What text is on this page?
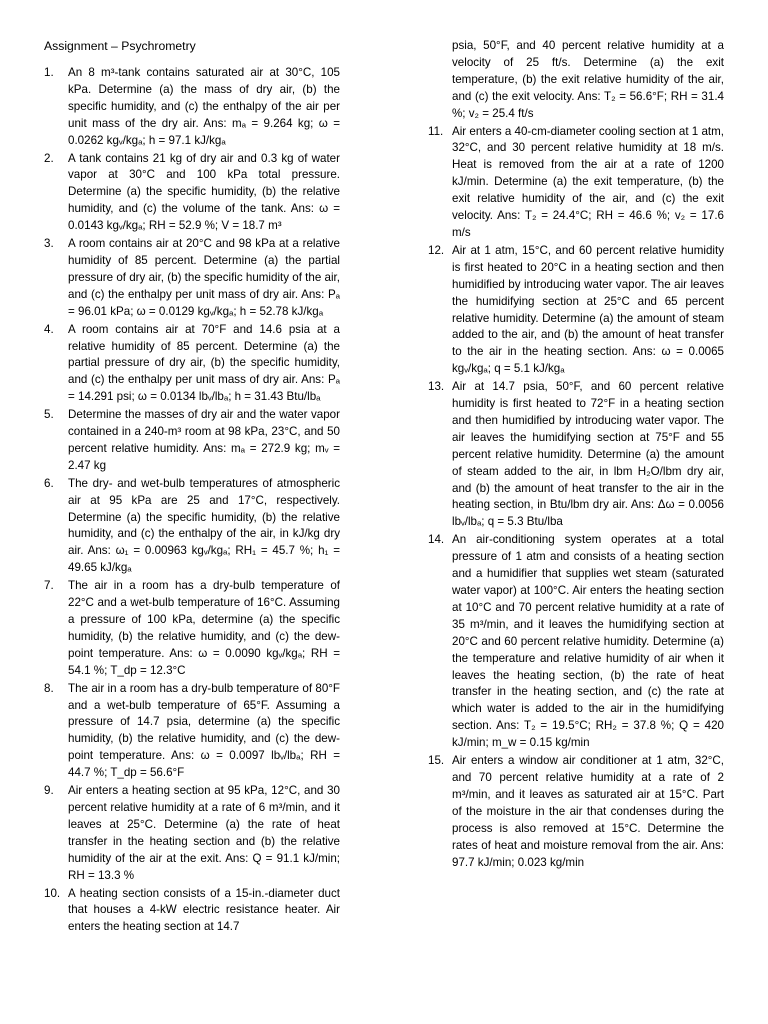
Assignment – Psychrometry
1. An 8 m³-tank contains saturated air at 30°C, 105 kPa. Determine (a) the mass of dry air, (b) the specific humidity, and (c) the enthalpy of the air per unit mass of the dry air. Ans: mₐ = 9.264 kg; ω = 0.0262 kgᵥ/kgₐ; h = 97.1 kJ/kgₐ
2. A tank contains 21 kg of dry air and 0.3 kg of water vapor at 30°C and 100 kPa total pressure. Determine (a) the specific humidity, (b) the relative humidity, and (c) the volume of the tank. Ans: ω = 0.0143 kgᵥ/kgₐ; RH = 52.9 %; V = 18.7 m³
3. A room contains air at 20°C and 98 kPa at a relative humidity of 85 percent. Determine (a) the partial pressure of dry air, (b) the specific humidity of the air, and (c) the enthalpy per unit mass of dry air. Ans: Pₐ = 96.01 kPa; ω = 0.0129 kgᵥ/kgₐ; h = 52.78 kJ/kgₐ
4. A room contains air at 70°F and 14.6 psia at a relative humidity of 85 percent. Determine (a) the partial pressure of dry air, (b) the specific humidity, and (c) the enthalpy per unit mass of dry air. Ans: Pₐ = 14.291 psi; ω = 0.0134 lbᵥ/lbₐ; h = 31.43 Btu/lbₐ
5. Determine the masses of dry air and the water vapor contained in a 240-m³ room at 98 kPa, 23°C, and 50 percent relative humidity. Ans: mₐ = 272.9 kg; mᵥ = 2.47 kg
6. The dry- and wet-bulb temperatures of atmospheric air at 95 kPa are 25 and 17°C, respectively. Determine (a) the specific humidity, (b) the relative humidity, and (c) the enthalpy of the air, in kJ/kg dry air. Ans: ω₁ = 0.00963 kgᵥ/kgₐ; RH₁ = 45.7 %; h₁ = 49.65 kJ/kgₐ
7. The air in a room has a dry-bulb temperature of 22°C and a wet-bulb temperature of 16°C. Assuming a pressure of 100 kPa, determine (a) the specific humidity, (b) the relative humidity, and (c) the dew-point temperature. Ans: ω = 0.0090 kgᵥ/kgₐ; RH = 54.1 %; T_dp = 12.3°C
8. The air in a room has a dry-bulb temperature of 80°F and a wet-bulb temperature of 65°F. Assuming a pressure of 14.7 psia, determine (a) the specific humidity, (b) the relative humidity, and (c) the dew-point temperature. Ans: ω = 0.0097 lbᵥ/lbₐ; RH = 44.7 %; T_dp = 56.6°F
9. Air enters a heating section at 95 kPa, 12°C, and 30 percent relative humidity at a rate of 6 m³/min, and it leaves at 25°C. Determine (a) the rate of heat transfer in the heating section and (b) the relative humidity of the air at the exit. Ans: Q = 91.1 kJ/min; RH = 13.3 %
10. A heating section consists of a 15-in.-diameter duct that houses a 4-kW electric resistance heater. Air enters the heating section at 14.7
psia, 50°F, and 40 percent relative humidity at a velocity of 25 ft/s. Determine (a) the exit temperature, (b) the exit relative humidity of the air, and (c) the exit velocity. Ans: T₂ = 56.6°F; RH = 31.4 %; v₂ = 25.4 ft/s
11. Air enters a 40-cm-diameter cooling section at 1 atm, 32°C, and 30 percent relative humidity at 18 m/s. Heat is removed from the air at a rate of 1200 kJ/min. Determine (a) the exit temperature, (b) the exit relative humidity of the air, and (c) the exit velocity. Ans: T₂ = 24.4°C; RH = 46.6 %; v₂ = 17.6 m/s
12. Air at 1 atm, 15°C, and 60 percent relative humidity is first heated to 20°C in a heating section and then humidified by introducing water vapor. The air leaves the humidifying section at 25°C and 65 percent relative humidity. Determine (a) the amount of steam added to the air, and (b) the amount of heat transfer to the air in the heating section. Ans: ω = 0.0065 kgᵥ/kgₐ; q = 5.1 kJ/kgₐ
13. Air at 14.7 psia, 50°F, and 60 percent relative humidity is first heated to 72°F in a heating section and then humidified by introducing water vapor. The air leaves the humidifying section at 75°F and 55 percent relative humidity. Determine (a) the amount of steam added to the air, in lbm H₂O/lbm dry air, and (b) the amount of heat transfer to the air in the heating section, in Btu/lbm dry air. Ans: Δω = 0.0056 lbᵥ/lbₐ; q = 5.3 Btu/lba
14. An air-conditioning system operates at a total pressure of 1 atm and consists of a heating section and a humidifier that supplies wet steam (saturated water vapor) at 100°C. Air enters the heating section at 10°C and 70 percent relative humidity at a rate of 35 m³/min, and it leaves the humidifying section at 20°C and 60 percent relative humidity. Determine (a) the temperature and relative humidity of air when it leaves the heating section, (b) the rate of heat transfer in the heating section, and (c) the rate at which water is added to the air in the humidifying section. Ans: T₂ = 19.5°C; RH₂ = 37.8 %; Q = 420 kJ/min; m_w = 0.15 kg/min
15. Air enters a window air conditioner at 1 atm, 32°C, and 70 percent relative humidity at a rate of 2 m³/min, and it leaves as saturated air at 15°C. Part of the moisture in the air that condenses during the process is also removed at 15°C. Determine the rates of heat and moisture removal from the air. Ans: 97.7 kJ/min; 0.023 kg/min
